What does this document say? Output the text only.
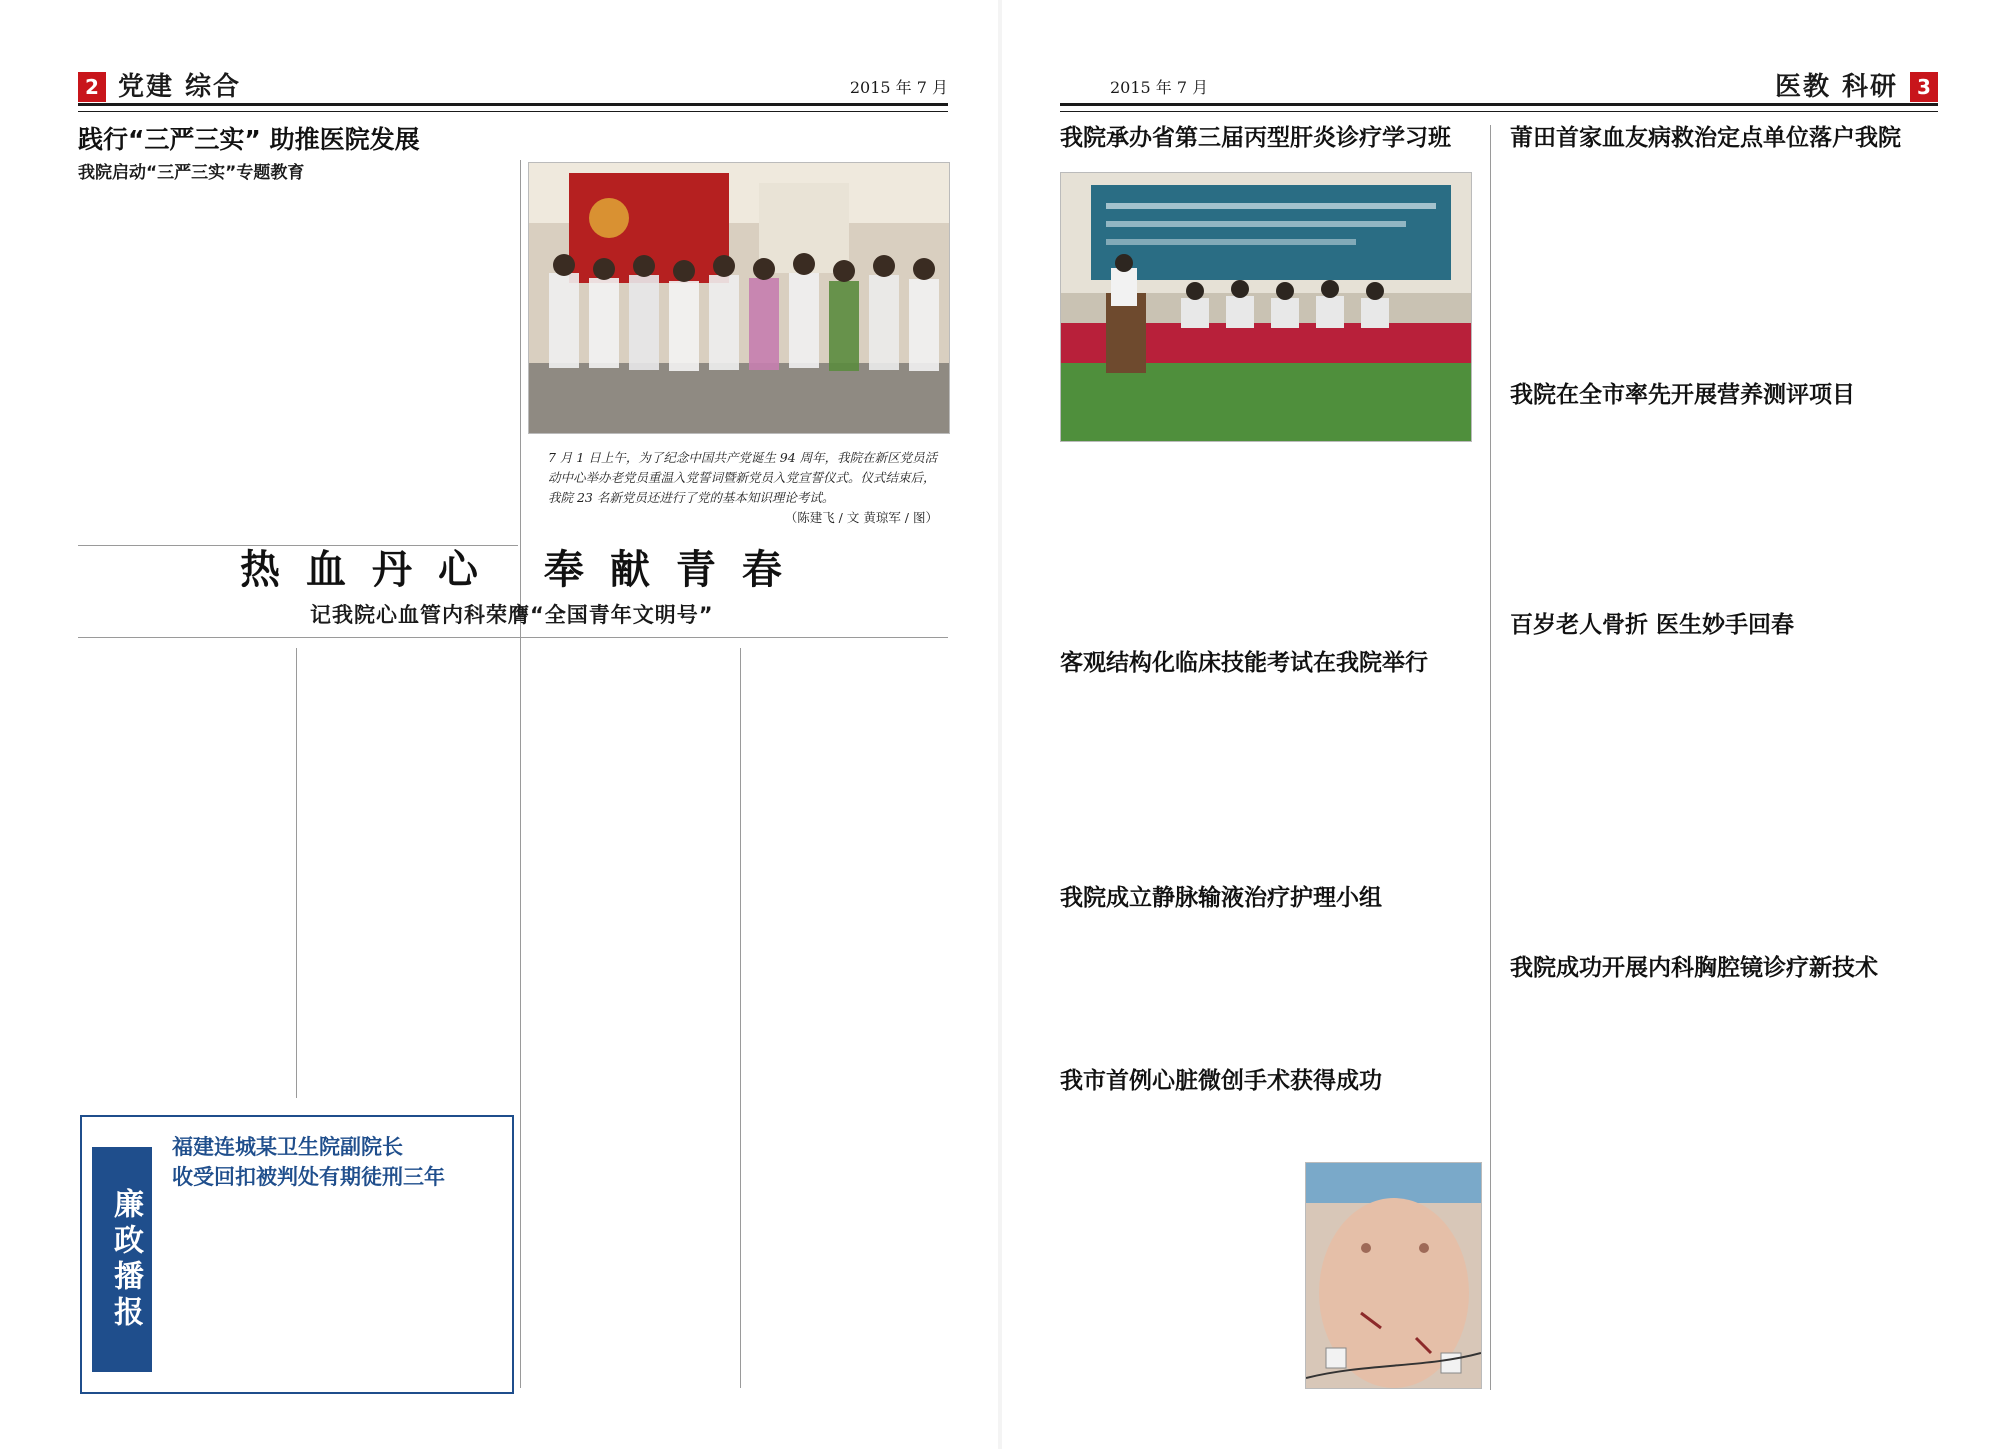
2 党建 综合	2015 年 7 月
践行“三严三实” 助推医院发展
我院启动“三严三实”专题教育
7 月 1 日上午，为了纪念中国共产党诞生 94 周年，我院在新区党员活动中心举办老党员重温入党誓词暨新党员入党宣誓仪式。仪式结束后，我院 23 名新党员还进行了党的基本知识理论考试。
（陈建飞 / 文 黄琼军 / 图）
热血丹心 奉献青春
记我院心血管内科荣膺“全国青年文明号”
廉政播报
福建连城某卫生院副院长
收受回扣被判处有期徒刑三年
2015 年 7 月	医教 科研 3
我院承办省第三届丙型肝炎诊疗学习班	莆田首家血友病救治定点单位落户我院
我院在全市率先开展营养测评项目
客观结构化临床技能考试在我院举行
百岁老人骨折 医生妙手回春
我院成立静脉输液治疗护理小组
我院成功开展内科胸腔镜诊疗新技术
我市首例心脏微创手术获得成功
